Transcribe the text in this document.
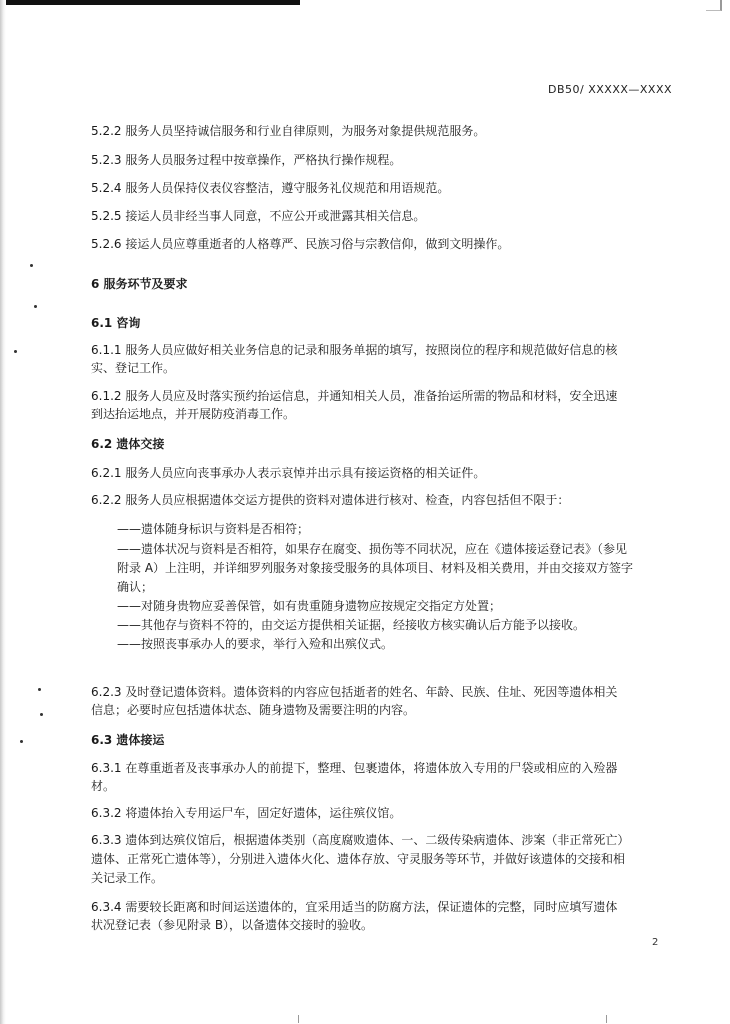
DB50/ XXXXX—XXXX
5.2.2 服务人员坚持诚信服务和行业自律原则，为服务对象提供规范服务。
5.2.3 服务人员服务过程中按章操作，严格执行操作规程。
5.2.4 服务人员保持仪表仪容整洁，遵守服务礼仪规范和用语规范。
5.2.5 接运人员非经当事人同意，不应公开或泄露其相关信息。
5.2.6 接运人员应尊重逝者的人格尊严、民族习俗与宗教信仰，做到文明操作。
6 服务环节及要求
6.1 咨询
6.1.1 服务人员应做好相关业务信息的记录和服务单据的填写，按照岗位的程序和规范做好信息的核
实、登记工作。
6.1.2 服务人员应及时落实预约抬运信息，并通知相关人员，准备抬运所需的物品和材料，安全迅速
到达抬运地点，并开展防疫消毒工作。
6.2 遗体交接
6.2.1 服务人员应向丧事承办人表示哀悼并出示具有接运资格的相关证件。
6.2.2 服务人员应根据遗体交运方提供的资料对遗体进行核对、检查，内容包括但不限于：
——遗体随身标识与资料是否相符；
——遗体状况与资料是否相符，如果存在腐变、损伤等不同状况，应在《遗体接运登记表》（参见
附录 A）上注明，并详细罗列服务对象接受服务的具体项目、材料及相关费用，并由交接双方签字
确认；
——对随身贵物应妥善保管，如有贵重随身遗物应按规定交指定方处置；
——其他存与资料不符的，由交运方提供相关证据，经接收方核实确认后方能予以接收。
——按照丧事承办人的要求，举行入殓和出殡仪式。
6.2.3 及时登记遗体资料。遗体资料的内容应包括逝者的姓名、年龄、民族、住址、死因等遗体相关
信息；必要时应包括遗体状态、随身遗物及需要注明的内容。
6.3 遗体接运
6.3.1 在尊重逝者及丧事承办人的前提下，整理、包裹遗体，将遗体放入专用的尸袋或相应的入殓器
材。
6.3.2 将遗体抬入专用运尸车，固定好遗体，运往殡仪馆。
6.3.3 遗体到达殡仪馆后，根据遗体类别（高度腐败遗体、一、二级传染病遗体、涉案（非正常死亡）
遗体、正常死亡遗体等），分别进入遗体火化、遗体存放、守灵服务等环节，并做好该遗体的交接和相
关记录工作。
6.3.4 需要较长距离和时间运送遗体的，宜采用适当的防腐方法，保证遗体的完整，同时应填写遗体
状况登记表（参见附录 B），以备遗体交接时的验收。
2
